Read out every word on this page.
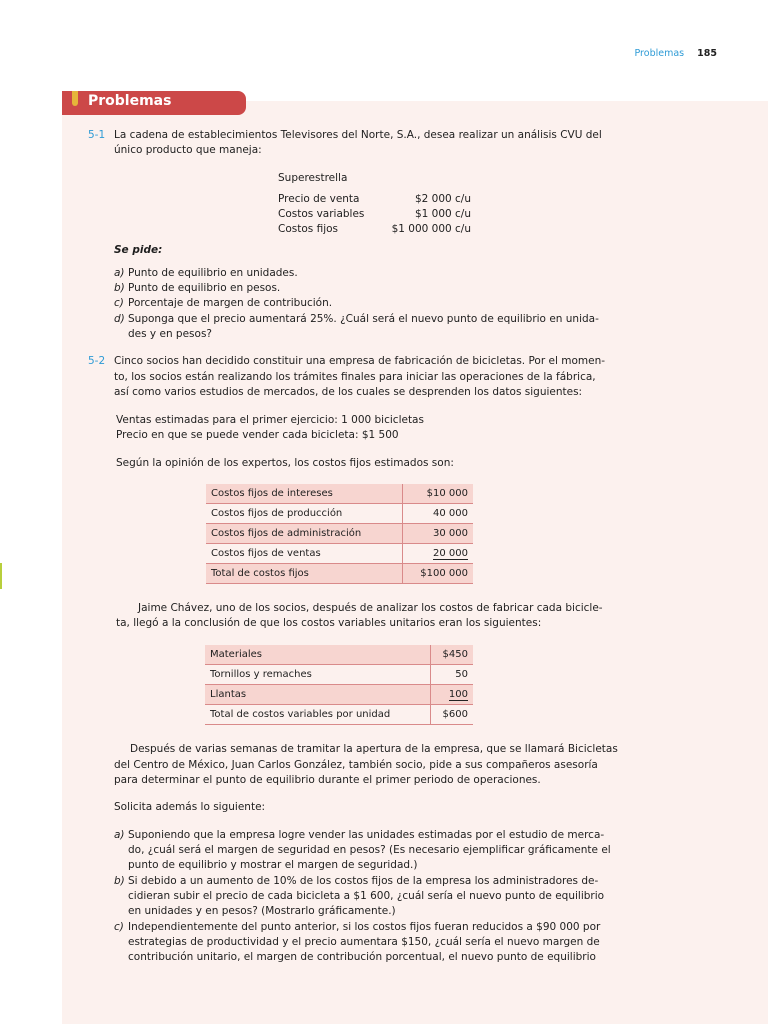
Problemas 185
Problemas
5-1 La cadena de establecimientos Televisores del Norte, S.A., desea realizar un análisis CVU del
único producto que maneja:
Superestrella
Precio de venta	$2 000 c/u
Costos variables	$1 000 c/u
Costos fijos	$1 000 000 c/u
Se pide:
a) Punto de equilibrio en unidades.
b) Punto de equilibrio en pesos.
c) Porcentaje de margen de contribución.
d) Suponga que el precio aumentará 25%. ¿Cuál será el nuevo punto de equilibrio en unida-
des y en pesos?
5-2 Cinco socios han decidido constituir una empresa de fabricación de bicicletas. Por el momen-
to, los socios están realizando los trámites finales para iniciar las operaciones de la fábrica,
así como varios estudios de mercados, de los cuales se desprenden los datos siguientes:
Ventas estimadas para el primer ejercicio: 1 000 bicicletas
Precio en que se puede vender cada bicicleta: $1 500
Según la opinión de los expertos, los costos fijos estimados son:
Costos fijos de intereses	$10 000
Costos fijos de producción	40 000
Costos fijos de administración	30 000
Costos fijos de ventas	20 000
Total de costos fijos	$100 000
Jaime Chávez, uno de los socios, después de analizar los costos de fabricar cada bicicle-
ta, llegó a la conclusión de que los costos variables unitarios eran los siguientes:
Materiales	$450
Tornillos y remaches	50
Llantas	100
Total de costos variables por unidad	$600
Después de varias semanas de tramitar la apertura de la empresa, que se llamará Bicicletas
del Centro de México, Juan Carlos González, también socio, pide a sus compañeros asesoría
para determinar el punto de equilibrio durante el primer periodo de operaciones.
Solicita además lo siguiente:
a) Suponiendo que la empresa logre vender las unidades estimadas por el estudio de merca-
do, ¿cuál será el margen de seguridad en pesos? (Es necesario ejemplificar gráficamente el
punto de equilibrio y mostrar el margen de seguridad.)
b) Si debido a un aumento de 10% de los costos fijos de la empresa los administradores de-
cidieran subir el precio de cada bicicleta a $1 600, ¿cuál sería el nuevo punto de equilibrio
en unidades y en pesos? (Mostrarlo gráficamente.)
c) Independientemente del punto anterior, si los costos fijos fueran reducidos a $90 000 por
estrategias de productividad y el precio aumentara $150, ¿cuál sería el nuevo margen de
contribución unitario, el margen de contribución porcentual, el nuevo punto de equilibrio
